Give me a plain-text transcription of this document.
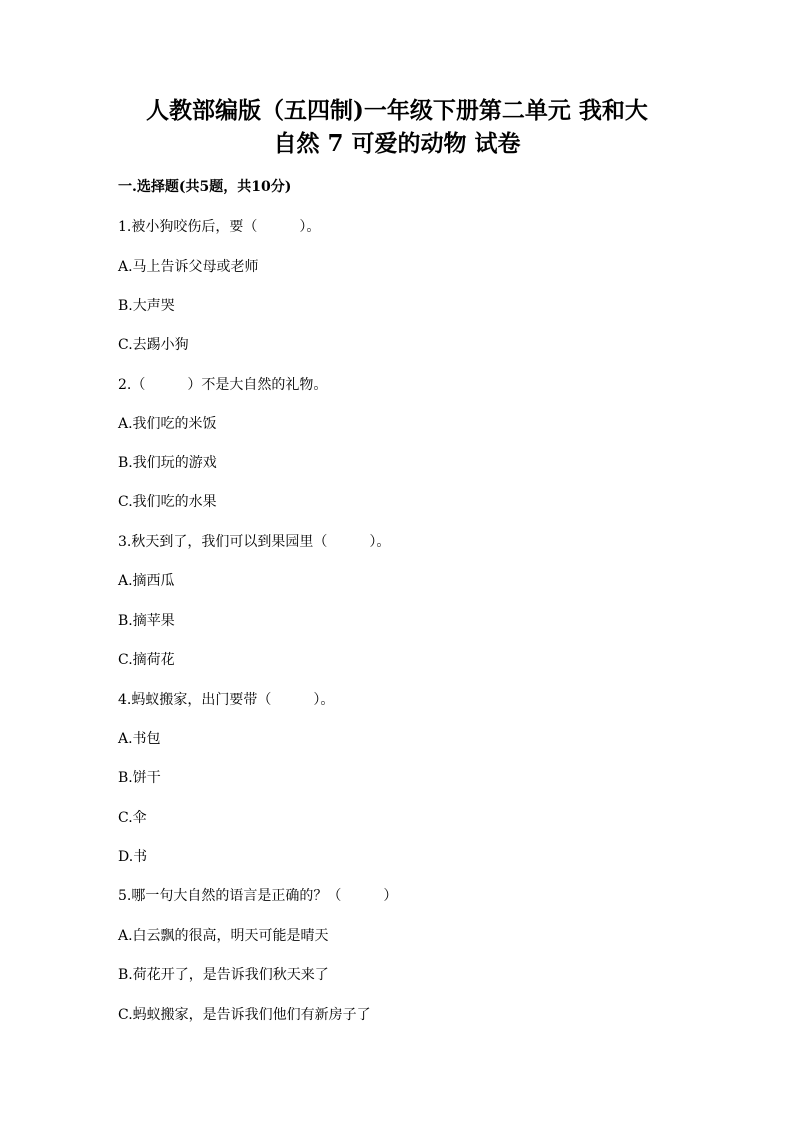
人教部编版（五四制)一年级下册第二单元 我和大
自然 7 可爱的动物 试卷
一.选择题(共5题，共10分)
1.被小狗咬伤后，要（　　　）。
A.马上告诉父母或老师
B.大声哭
C.去踢小狗
2.（　　　）不是大自然的礼物。
A.我们吃的米饭
B.我们玩的游戏
C.我们吃的水果
3.秋天到了，我们可以到果园里（　　　）。
A.摘西瓜
B.摘苹果
C.摘荷花
4.蚂蚁搬家，出门要带（　　　）。
A.书包
B.饼干
C.伞
D.书
5.哪一句大自然的语言是正确的？（　　　）
A.白云飘的很高，明天可能是晴天
B.荷花开了，是告诉我们秋天来了
C.蚂蚁搬家，是告诉我们他们有新房子了
